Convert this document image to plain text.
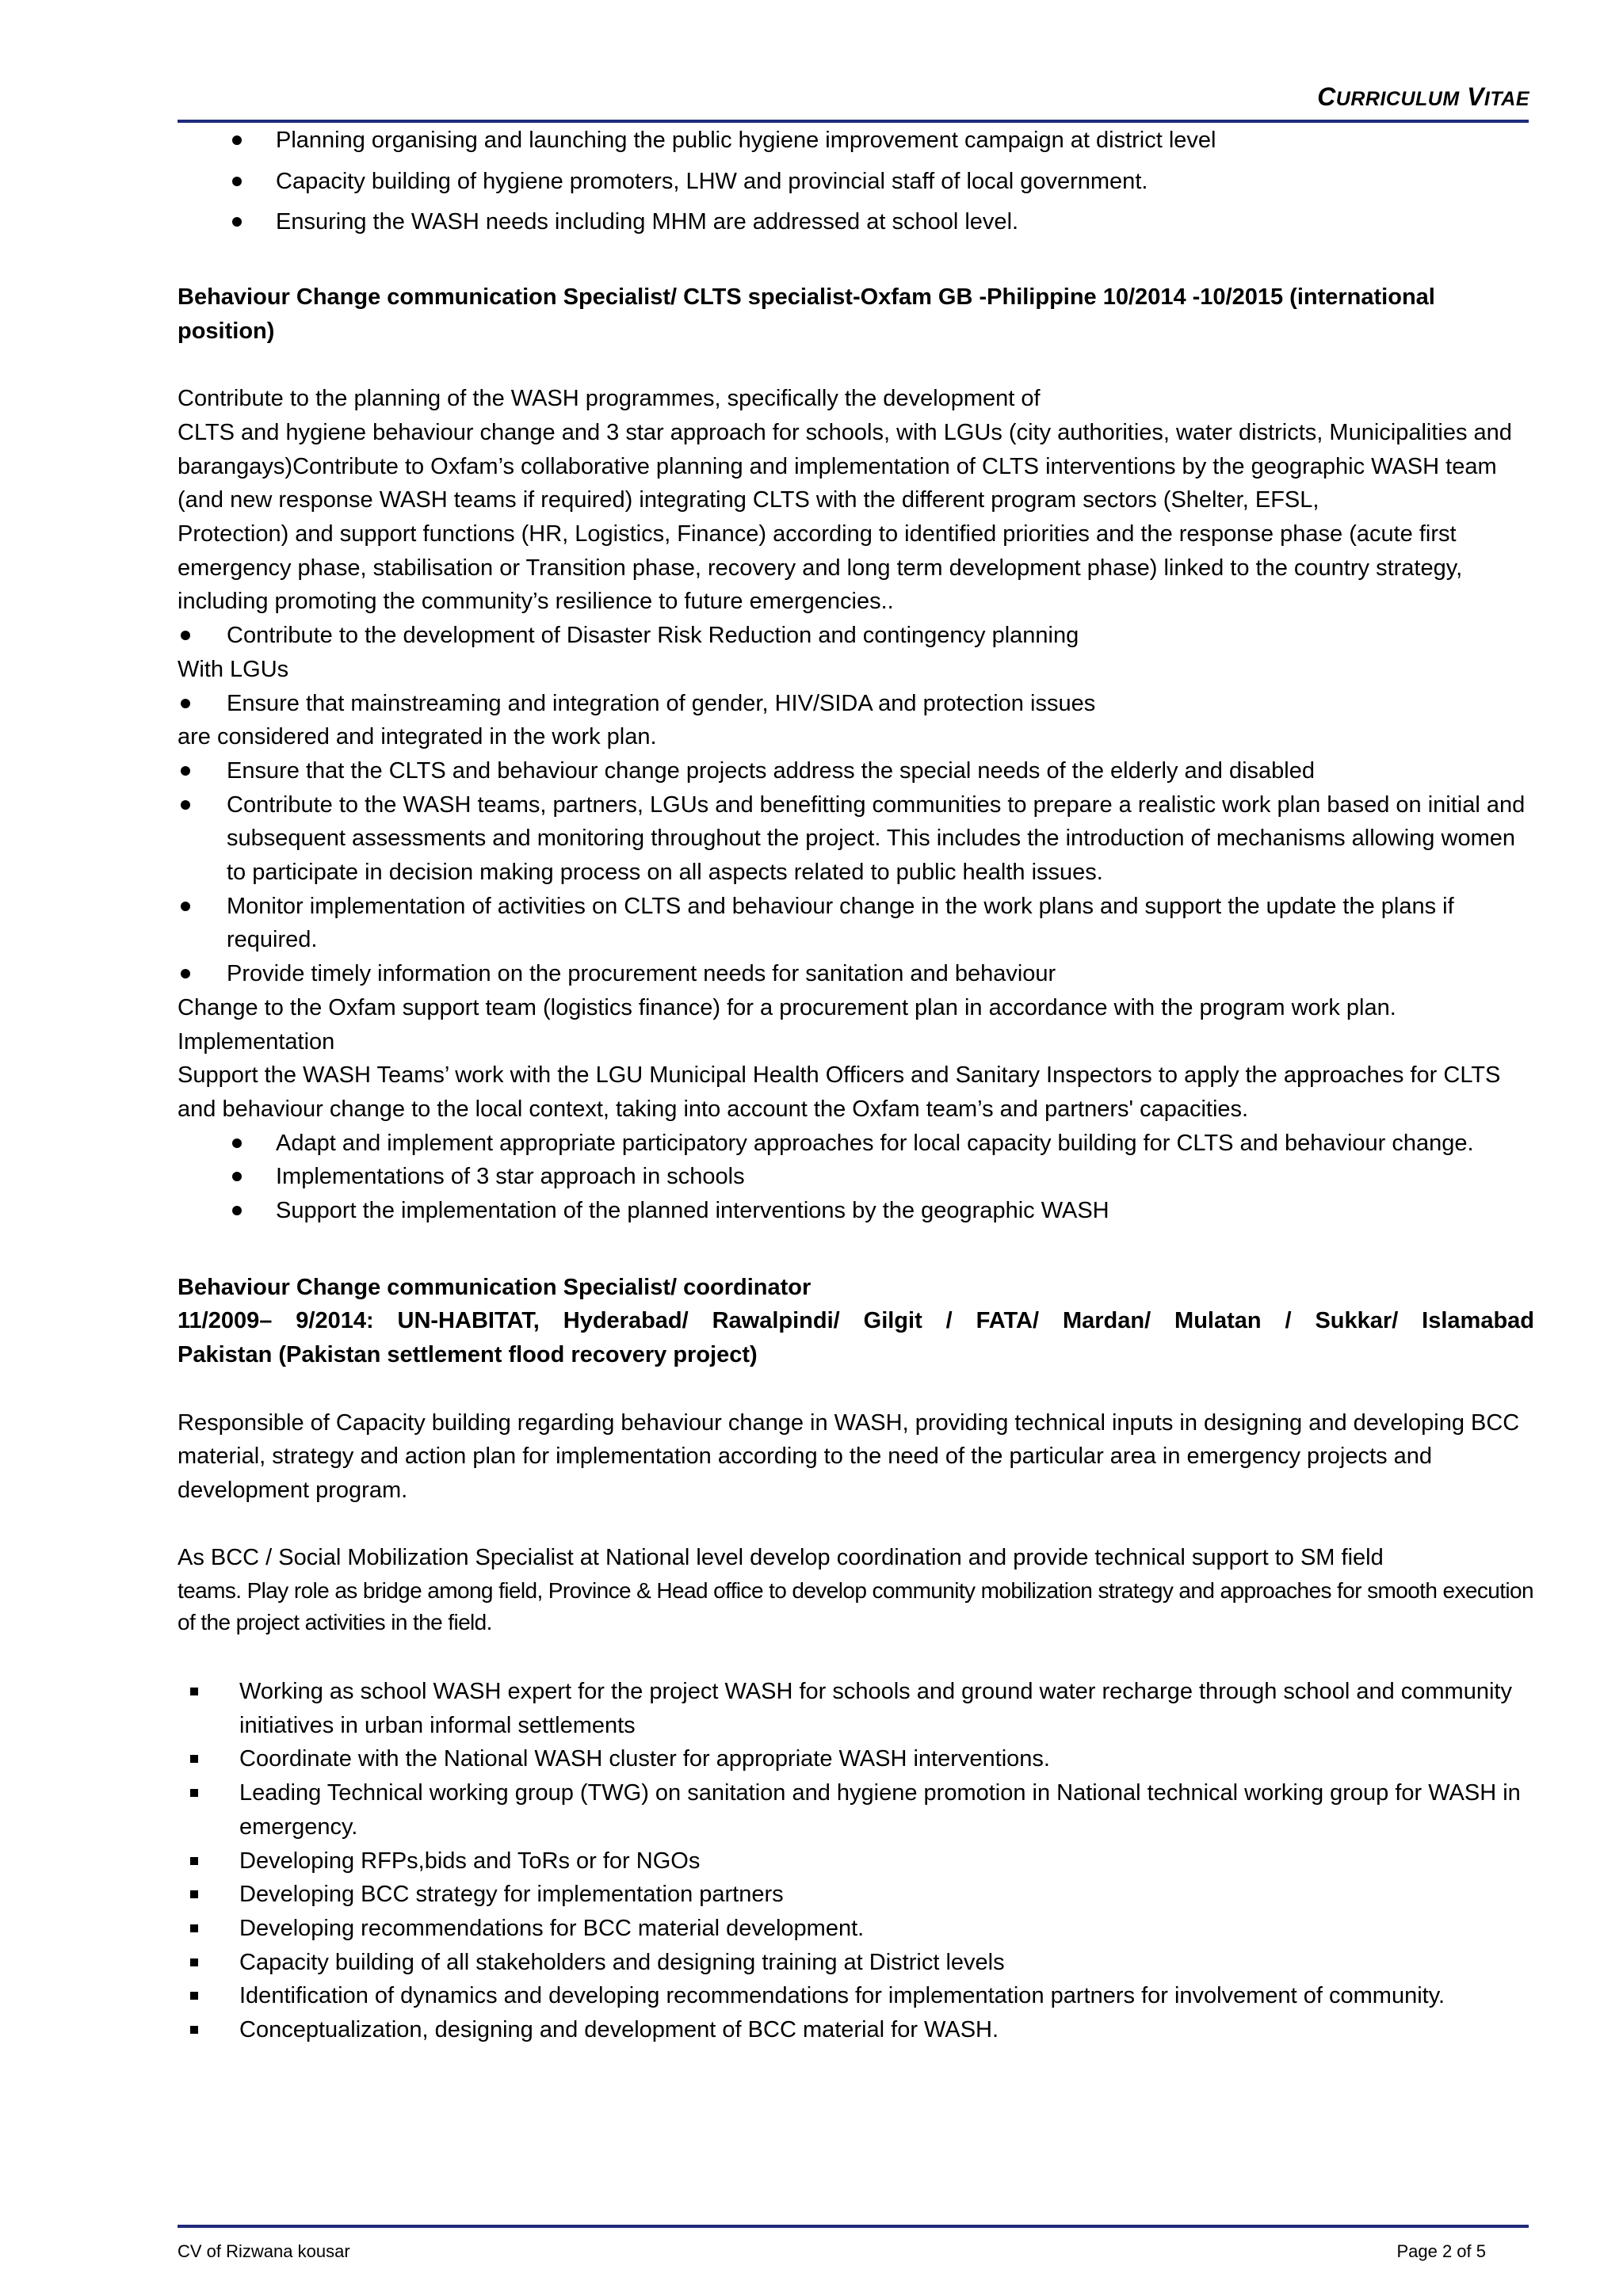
CURRICULUM VITAE
Planning organising and launching the public hygiene improvement campaign at district level
Capacity building of hygiene promoters, LHW and provincial staff of local government.
Ensuring the WASH needs including MHM are addressed at school level.

Behaviour Change communication Specialist/ CLTS specialist-Oxfam GB -Philippine 10/2014 -10/2015 (international position)

Contribute to the planning of the WASH programmes, specifically the development of

CLTS and hygiene behaviour change and 3 star approach for schools, with LGUs (city authorities, water districts, Municipalities and barangays)Contribute to Oxfam’s collaborative planning and implementation of CLTS interventions by the geographic WASH team (and new response WASH teams if required) integrating CLTS with the different program sectors (Shelter, EFSL,

Protection) and support functions (HR, Logistics, Finance) according to identified priorities and the response phase (acute first emergency phase, stabilisation or Transition phase, recovery and long term development phase) linked to the country strategy, including promoting the community’s resilience to future emergencies..

Contribute to the development of Disaster Risk Reduction and contingency planning

With LGUs

Ensure that mainstreaming and integration of gender, HIV/SIDA and protection issues

are considered and integrated in the work plan.

Ensure that the CLTS and behaviour change projects address the special needs of the elderly and disabled
Contribute to the WASH teams, partners, LGUs and benefitting communities to prepare a realistic work plan based on initial and subsequent assessments and monitoring throughout the project. This includes the introduction of mechanisms allowing women to participate in decision making process on all aspects related to public health issues.
Monitor implementation of activities on CLTS and behaviour change in the work plans and support the update the plans if required.
Provide timely information on the procurement needs for sanitation and behaviour

Change to the Oxfam support team (logistics finance) for a procurement plan in accordance with the program work plan.

Implementation

Support the WASH Teams’ work with the LGU Municipal Health Officers and Sanitary Inspectors to apply the approaches for CLTS and behaviour change to the local context, taking into account the Oxfam team’s and partners' capacities.

Adapt and implement appropriate participatory approaches for local capacity building for CLTS and behaviour change.
Implementations of 3 star approach in schools
Support the implementation of the planned interventions by the geographic WASH

Behaviour Change communication Specialist/ coordinator

11/2009– 9/2014: UN-HABITAT, Hyderabad/ Rawalpindi/ Gilgit / FATA/ Mardan/ Mulatan / Sukkar/ Islamabad

Pakistan (Pakistan settlement flood recovery project)

Responsible of Capacity building regarding behaviour change in WASH, providing technical inputs in designing and developing BCC material, strategy and action plan for implementation according to the need of the particular area in emergency projects and development program.

As BCC / Social Mobilization Specialist at National level develop coordination and provide technical support to SM field

teams. Play role as bridge among field, Province & Head office to develop community mobilization strategy and approaches for smooth execution of the project activities in the field.

Working as school WASH expert for the project WASH for schools and ground water recharge through school and community initiatives in urban informal settlements
Coordinate with the National WASH cluster for appropriate WASH interventions.
Leading Technical working group (TWG) on sanitation and hygiene promotion in National technical working group for WASH in emergency.
Developing RFPs,bids and ToRs or for NGOs
Developing BCC strategy for implementation partners
Developing recommendations for BCC material development.
Capacity building of all stakeholders and designing training at District levels
Identification of dynamics and developing recommendations for implementation partners for involvement of community.
Conceptualization, designing and development of BCC material for WASH.
CV of Rizwana kousar	Page 2 of 5
